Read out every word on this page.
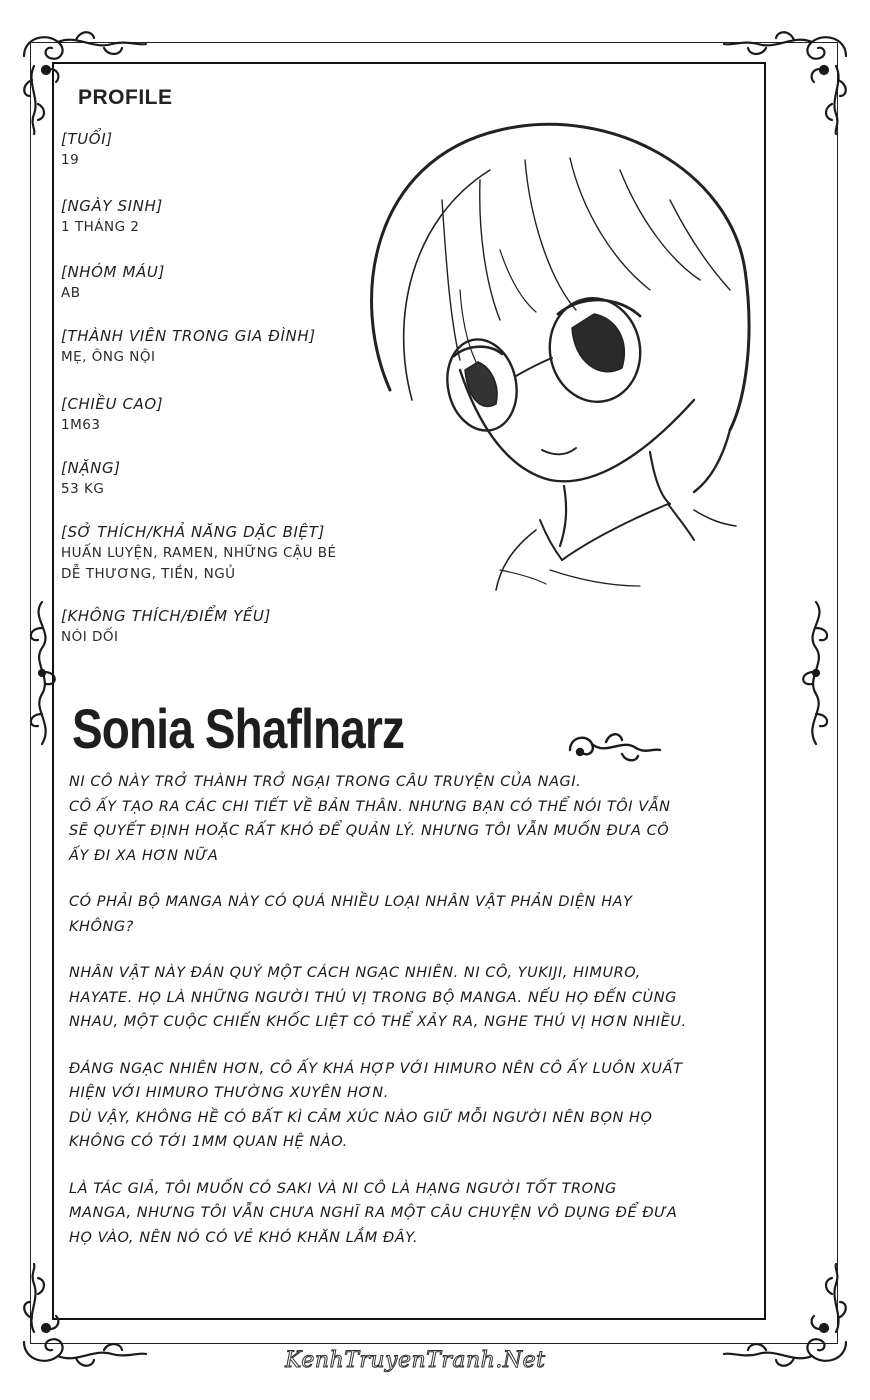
PROFILE
[TUỔI]
19
[NGÀY SINH]
1 THÁNG 2
[NHÓM MÁU]
AB
[THÀNH VIÊN TRONG GIA ĐÌNH]
MẸ, ÔNG NỘI
[CHIỀU CAO]
1M63
[NẶNG]
53 KG
[SỞ THÍCH/KHẢ NĂNG DẶC BIỆT]
HUẤN LUYỆN, RAMEN, NHỮNG CẬU BÉ
DỄ THƯƠNG, TIỀN, NGỦ
[KHÔNG THÍCH/ĐIỂM YẾU]
NÓI DỐI
Sonia Shaflnarz

NI CÔ NÀY TRỞ THÀNH TRỞ NGẠI TRONG CÂU TRUYỆN CỦA NAGI.
CÔ ẤY TẠO RA CÁC CHI TIẾT VỀ BẢN THÂN. NHƯNG BẠN CÓ THỂ NÓI TÔI VẪN
SẼ QUYẾT ĐỊNH HOẶC RẤT KHÓ ĐỂ QUẢN LÝ. NHƯNG TÔI VẪN MUỐN ĐƯA CÔ
ẤY ĐI XA HƠN NỮA

CÓ PHẢI BỘ MANGA NÀY CÓ QUÁ NHIỀU LOẠI NHÂN VẬT PHẢN DIỆN HAY
KHÔNG?

NHÂN VẬT NÀY ĐÁN QUÝ MỘT CÁCH NGẠC NHIÊN. NI CÔ, YUKIJI, HIMURO,
HAYATE. HỌ LÀ NHỮNG NGƯỜI THÚ VỊ TRONG BỘ MANGA. NẾU HỌ ĐẾN CÙNG
NHAU, MỘT CUỘC CHIẾN KHỐC LIỆT CÓ THỂ XẢY RA, NGHE THÚ VỊ HƠN NHIỀU.

ĐÁNG NGẠC NHIÊN HƠN, CÔ ẤY KHÁ HỢP VỚI HIMURO NÊN CÔ ẤY LUÔN XUẤT
HIỆN VỚI HIMURO THƯỜNG XUYÊN HƠN.
DÙ VẬY, KHÔNG HỀ CÓ BẤT KÌ CẢM XÚC NÀO GIỮ MỖI NGƯỜI NÊN BỌN HỌ
KHÔNG CÓ TỚI 1MM QUAN HỆ NÀO.

LÀ TÁC GIẢ, TÔI MUỐN CÓ SAKI VÀ NI CÔ LÀ HẠNG NGƯỜI TỐT TRONG
MANGA, NHƯNG TÔI VẪN CHƯA NGHĨ RA MỘT CÂU CHUYỆN VÔ DỤNG ĐỂ ĐƯA
HỌ VÀO, NÊN NÓ CÓ VẺ KHÓ KHĂN LẮM ĐÂY.

KenhTruyenTranh.Net
